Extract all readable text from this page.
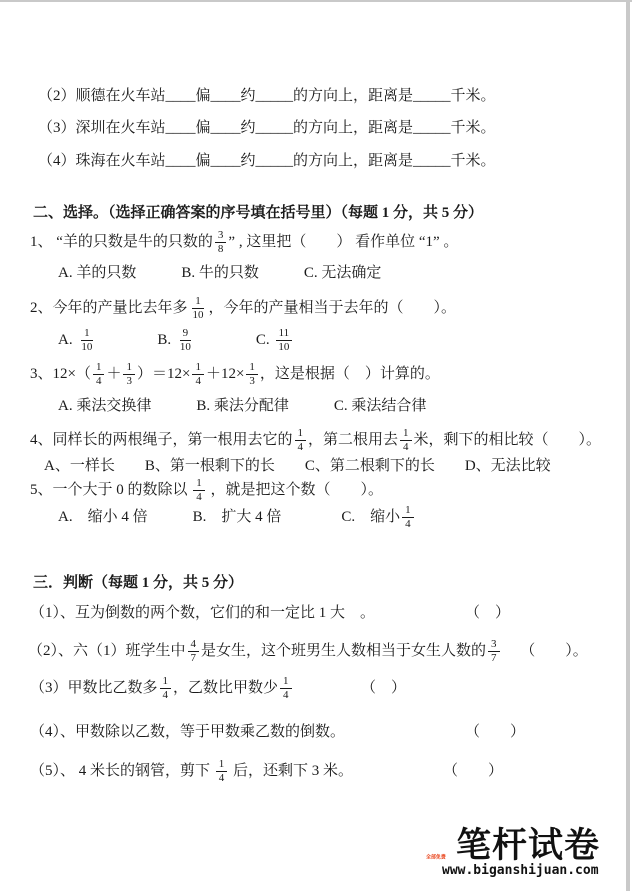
（2）顺德在火车站____偏____约_____的方向上，距离是_____千米。
（3）深圳在火车站____偏____约_____的方向上，距离是_____千米。
（4）珠海在火车站____偏____约_____的方向上，距离是_____千米。
二、选择。（选择正确答案的序号填在括号里）（每题 1 分，共 5 分）
1、 “羊的只数是牛的只数的 $\frac{3}{8}$ ” , 这里把（　　） 看作单位 “1” 。
A. 羊的只数　　　B. 牛的只数　　　C. 无法确定
2、今年的产量比去年多 $\frac{1}{10}$ ，今年的产量相当于去年的（　　）。
A. $\frac{1}{10}$ 　　　　B. $\frac{9}{10}$ 　　　　C. $\frac{11}{10}$
3、$12\times( \frac{1}{4} + \frac{1}{3} )=12\times \frac{1}{4} +12\times \frac{1}{3}$ ，这是根据（　）计算的。
A. 乘法交换律　　　B. 乘法分配律　　　C. 乘法结合律
4、同样长的两根绳子，第一根用去它的 $\frac{1}{4}$ ，第二根用去 $\frac{1}{4}$ 米，剩下的相比较（　　）。
A、一样长　　B、第一根剩下的长　　C、第二根剩下的长　　D、无法比较
5、一个大于 0 的数除以 $\frac{1}{4}$ ，就是把这个数（　　）。
A.　缩小 4 倍　　　B.　扩大 4 倍　　　　C.　缩小 $\frac{1}{4}$
三．判断（每题 1 分，共 5 分）
（1）、互为倒数的两个数，它们的和一定比 1 大　。　　　　　　　（　）
（2）、六（1）班学生中 $\frac{4}{7}$ 是女生，这个班男生人数相当于女生人数的 $\frac{3}{7}$ 　 （　　）。
（3）甲数比乙数多 $\frac{1}{4}$ ，乙数比甲数少 $\frac{1}{4}$ 　　　　　（　）
（4）、甲数除以乙数，等于甲数乘乙数的倒数。　　　　　　　　　（　　）
（5）、 4 米长的钢管，剪下 $\frac{1}{4}$ 后，还剩下 3 米。　　　　　　　（　　）
笔杆试卷
全部免费
www.biganshijuan.com
